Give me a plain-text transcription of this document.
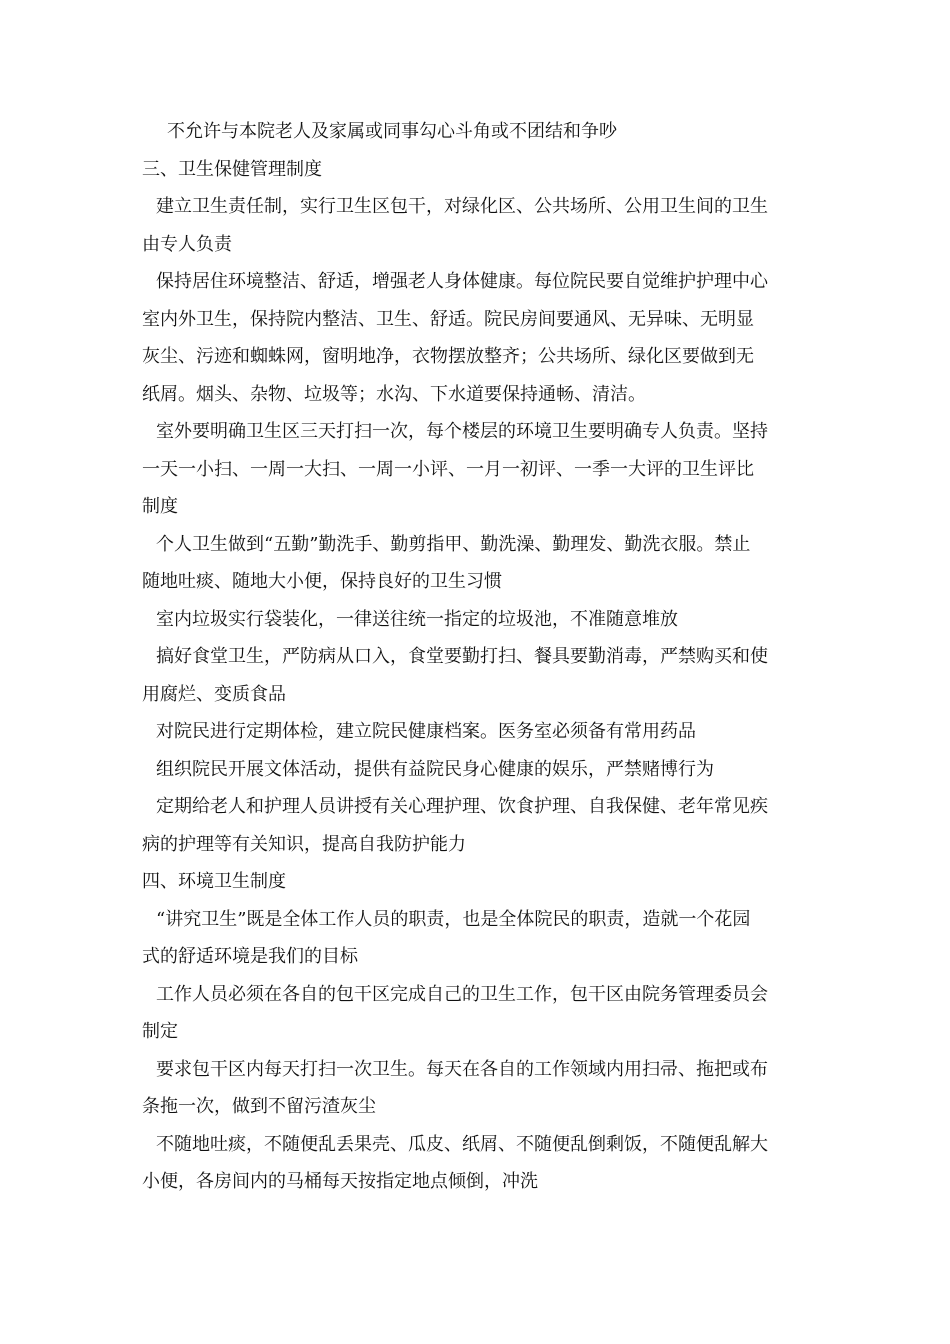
不允许与本院老人及家属或同事勾心斗角或不团结和争吵
三、卫生保健管理制度
建立卫生责任制，实行卫生区包干，对绿化区、公共场所、公用卫生间的卫生
由专人负责
保持居住环境整洁、舒适，增强老人身体健康。每位院民要自觉维护护理中心
室内外卫生，保持院内整洁、卫生、舒适。院民房间要通风、无异味、无明显
灰尘、污迹和蜘蛛网，窗明地净，衣物摆放整齐；公共场所、绿化区要做到无
纸屑。烟头、杂物、垃圾等；水沟、下水道要保持通畅、清洁。
室外要明确卫生区三天打扫一次，每个楼层的环境卫生要明确专人负责。坚持
一天一小扫、一周一大扫、一周一小评、一月一初评、一季一大评的卫生评比
制度
个人卫生做到“五勤”勤洗手、勤剪指甲、勤洗澡、勤理发、勤洗衣服。禁止
随地吐痰、随地大小便，保持良好的卫生习惯
室内垃圾实行袋装化，一律送往统一指定的垃圾池，不准随意堆放
搞好食堂卫生，严防病从口入，食堂要勤打扫、餐具要勤消毒，严禁购买和使
用腐烂、变质食品
对院民进行定期体检，建立院民健康档案。医务室必须备有常用药品
组织院民开展文体活动，提供有益院民身心健康的娱乐，严禁赌博行为
定期给老人和护理人员讲授有关心理护理、饮食护理、自我保健、老年常见疾
病的护理等有关知识，提高自我防护能力
四、环境卫生制度
“讲究卫生”既是全体工作人员的职责，也是全体院民的职责，造就一个花园
式的舒适环境是我们的目标
工作人员必须在各自的包干区完成自己的卫生工作，包干区由院务管理委员会
制定
要求包干区内每天打扫一次卫生。每天在各自的工作领域内用扫帚、拖把或布
条拖一次，做到不留污渣灰尘
不随地吐痰，不随便乱丢果壳、瓜皮、纸屑、不随便乱倒剩饭，不随便乱解大
小便，各房间内的马桶每天按指定地点倾倒，冲洗
